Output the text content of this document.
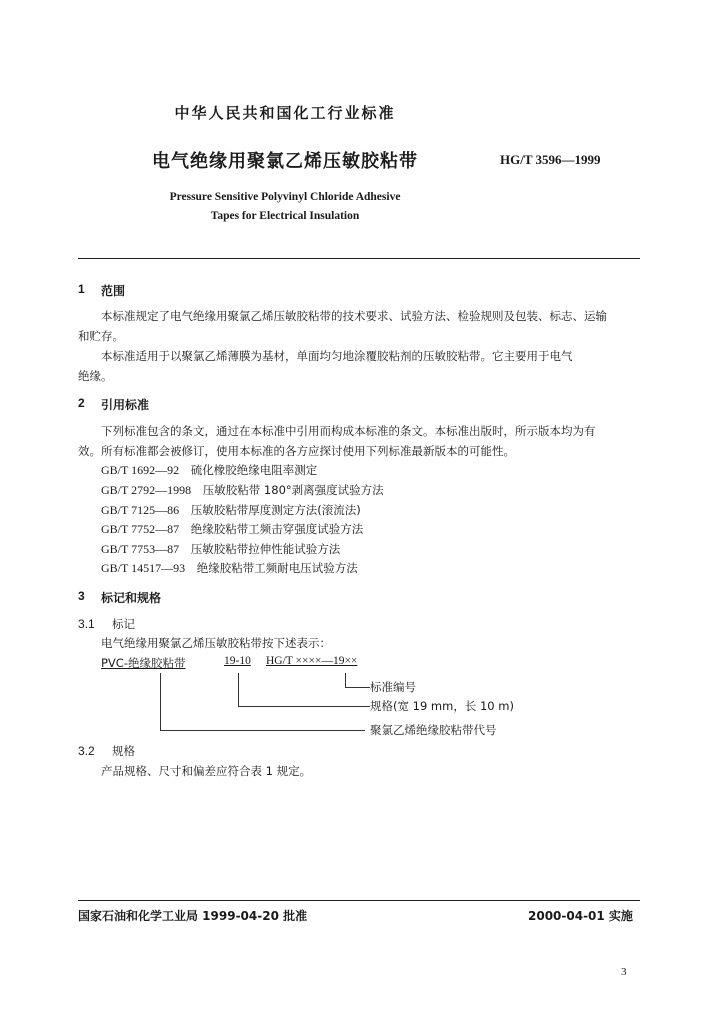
中华人民共和国化工行业标准
电气绝缘用聚氯乙烯压敏胶粘带	HG/T 3596—1999
Pressure Sensitive Polyvinyl Chloride Adhesive
Tapes for Electrical Insulation
1 范围
本标准规定了电气绝缘用聚氯乙烯压敏胶粘带的技术要求、试验方法、检验规则及包装、标志、运输
和贮存。
本标准适用于以聚氯乙烯薄膜为基材，单面均匀地涂覆胶粘剂的压敏胶粘带。它主要用于电气
绝缘。
2 引用标准
下列标准包含的条文，通过在本标准中引用而构成本标准的条文。本标准出版时，所示版本均为有
效。所有标准都会被修订，使用本标准的各方应探讨使用下列标准最新版本的可能性。
GB/T 1692—92 硫化橡胶绝缘电阻率测定
GB/T 2792—1998 压敏胶粘带 180°剥离强度试验方法
GB/T 7125—86 压敏胶粘带厚度测定方法(滚流法)
GB/T 7752—87 绝缘胶粘带工频击穿强度试验方法
GB/T 7753—87 压敏胶粘带拉伸性能试验方法
GB/T 14517—93 绝缘胶粘带工频耐电压试验方法
3 标记和规格
3.1 标记
电气绝缘用聚氯乙烯压敏胶粘带按下述表示：
PVC-绝缘胶粘带	19-10 HG/T ××××—19××
标准编号
规格(宽 19 mm，长 10 m)
聚氯乙烯绝缘胶粘带代号
3.2 规格
产品规格、尺寸和偏差应符合表 1 规定。
国家石油和化学工业局 1999-04-20 批准	2000-04-01 实施
3
